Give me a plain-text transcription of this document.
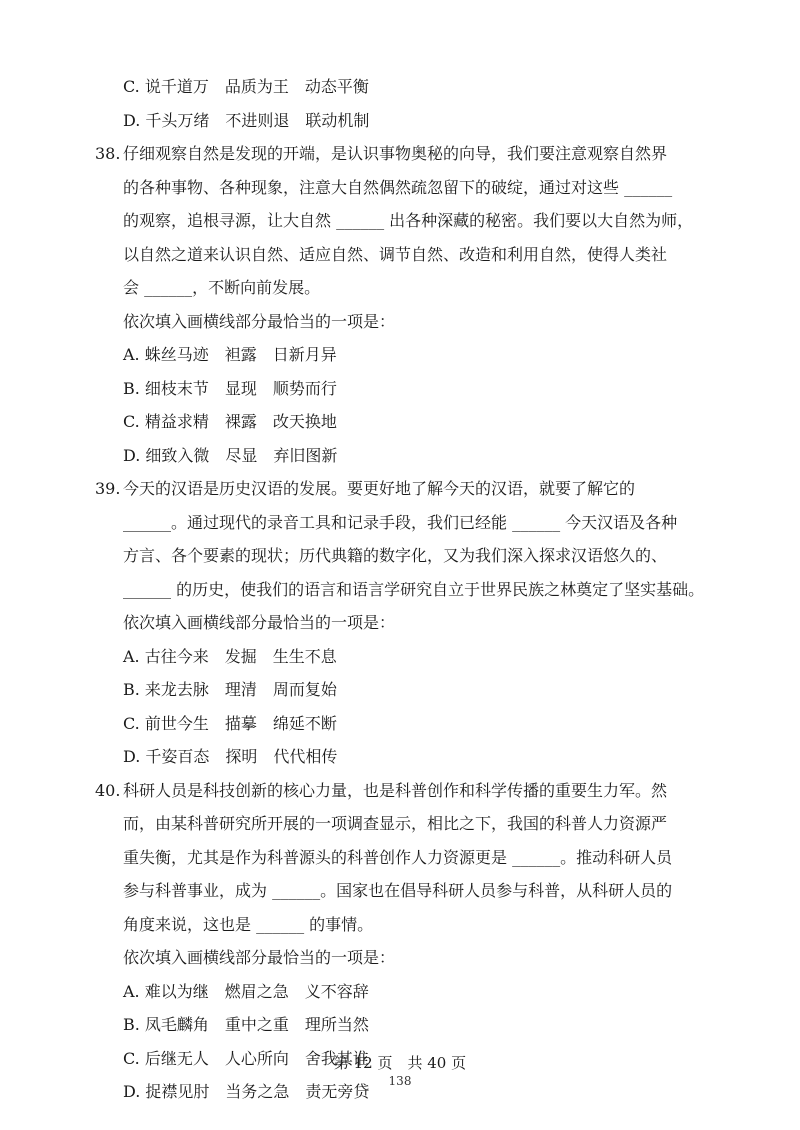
C. 说千道万　品质为王　动态平衡
D. 千头万绪　不进则退　联动机制
38. 仔细观察自然是发现的开端，是认识事物奥秘的向导，我们要注意观察自然界
的各种事物、各种现象，注意大自然偶然疏忽留下的破绽，通过对这些 ______
的观察，追根寻源，让大自然 ______ 出各种深藏的秘密。我们要以大自然为师，
以自然之道来认识自然、适应自然、调节自然、改造和利用自然，使得人类社
会 ______，不断向前发展。
依次填入画横线部分最恰当的一项是：
A. 蛛丝马迹　袒露　日新月异
B. 细枝末节　显现　顺势而行
C. 精益求精　裸露　改天换地
D. 细致入微　尽显　弃旧图新
39. 今天的汉语是历史汉语的发展。要更好地了解今天的汉语，就要了解它的
______。通过现代的录音工具和记录手段，我们已经能 ______ 今天汉语及各种
方言、各个要素的现状；历代典籍的数字化，又为我们深入探求汉语悠久的、
______ 的历史，使我们的语言和语言学研究自立于世界民族之林奠定了坚实基础。
依次填入画横线部分最恰当的一项是：
A. 古往今来　发掘　生生不息
B. 来龙去脉　理清　周而复始
C. 前世今生　描摹　绵延不断
D. 千姿百态　探明　代代相传
40. 科研人员是科技创新的核心力量，也是科普创作和科学传播的重要生力军。然
而，由某科普研究所开展的一项调查显示，相比之下，我国的科普人力资源严
重失衡，尤其是作为科普源头的科普创作人力资源更是 ______。推动科研人员
参与科普事业，成为 ______。国家也在倡导科研人员参与科普，从科研人员的
角度来说，这也是 ______ 的事情。
依次填入画横线部分最恰当的一项是：
A. 难以为继　燃眉之急　义不容辞
B. 凤毛麟角　重中之重　理所当然
C. 后继无人　人心所向　舍我其谁
D. 捉襟见肘　当务之急　责无旁贷
第 12 页　共 40 页
138
